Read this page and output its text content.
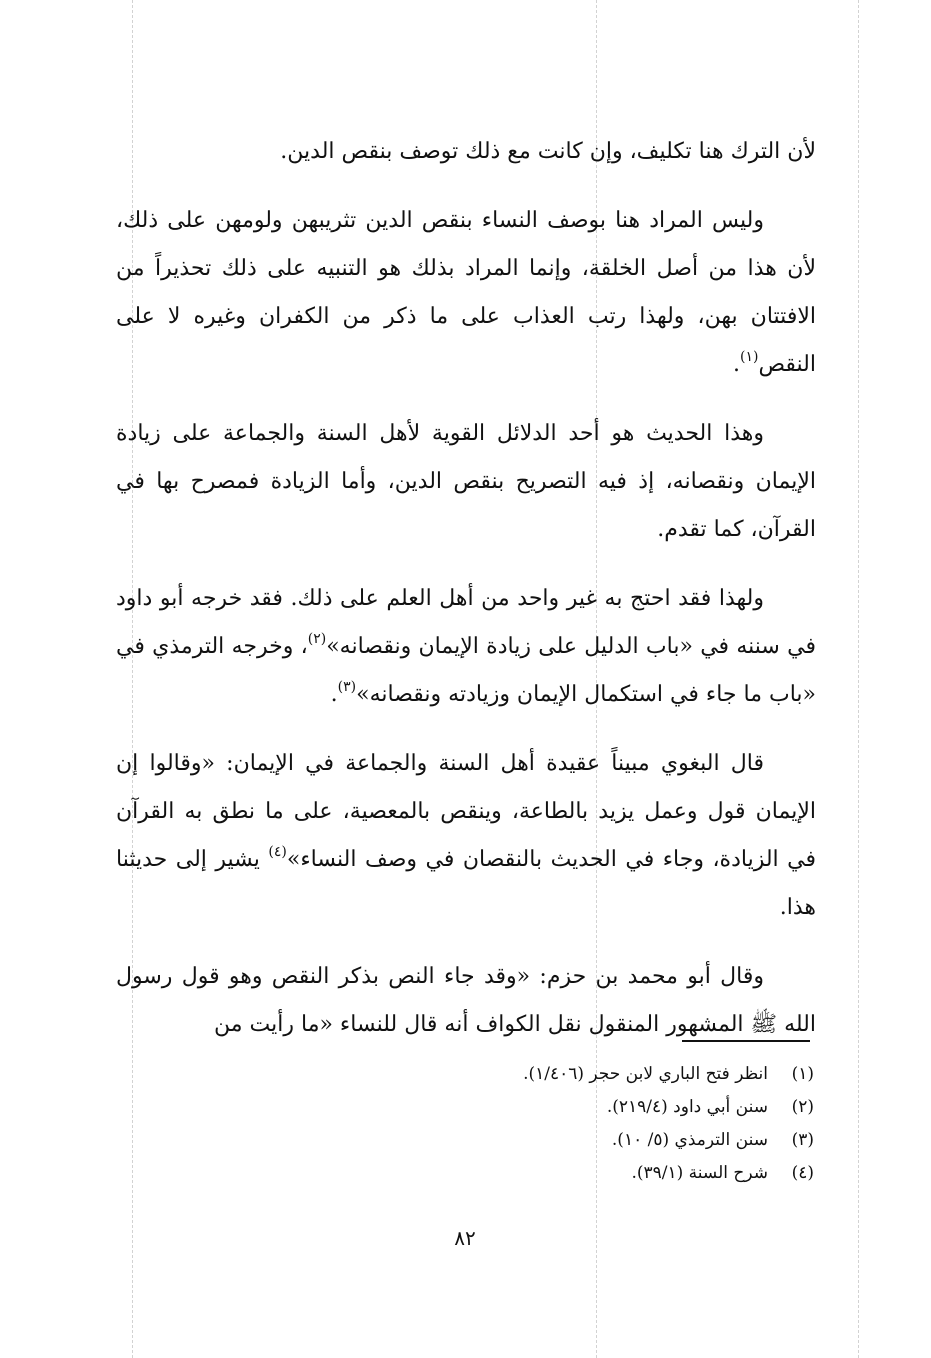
لأن الترك هنا تكليف، وإن كانت مع ذلك توصف بنقص الدين.

وليس المراد هنا بوصف النساء بنقص الدين تثريبهن ولومهن على ذلك، لأن هذا من أصل الخلقة، وإنما المراد بذلك هو التنبيه على ذلك تحذيراً من الافتتان بهن، ولهذا رتب العذاب على ما ذكر من الكفران وغيره لا على النقص$^{(١)}$.

وهذا الحديث هو أحد الدلائل القوية لأهل السنة والجماعة على زيادة الإيمان ونقصانه، إذ فيه التصريح بنقص الدين، وأما الزيادة فمصرح بها في القرآن، كما تقدم.

ولهذا فقد احتج به غير واحد من أهل العلم على ذلك. فقد خرجه أبو داود في سننه في «باب الدليل على زيادة الإيمان ونقصانه»$^{(٢)}$، وخرجه الترمذي في «باب ما جاء في استكمال الإيمان وزيادته ونقصانه»$^{(٣)}$.

قال البغوي مبيناً عقيدة أهل السنة والجماعة في الإيمان: «وقالوا إن الإيمان قول وعمل يزيد بالطاعة، وينقص بالمعصية، على ما نطق به القرآن في الزيادة، وجاء في الحديث بالنقصان في وصف النساء»$^{(٤)}$ يشير إلى حديثنا هذا.

وقال أبو محمد بن حزم: «وقد جاء النص بذكر النقص وهو قول رسول الله ﷺ المشهور المنقول نقل الكواف أنه قال للنساء «ما رأيت من

(١)
انظر فتح الباري لابن حجر (١/٤٠٦).
(٢)
سنن أبي داود (٢١٩/٤).
(٣)
سنن الترمذي (٥/ ١٠).
(٤)
شرح السنة (٣٩/١).
٨٢
